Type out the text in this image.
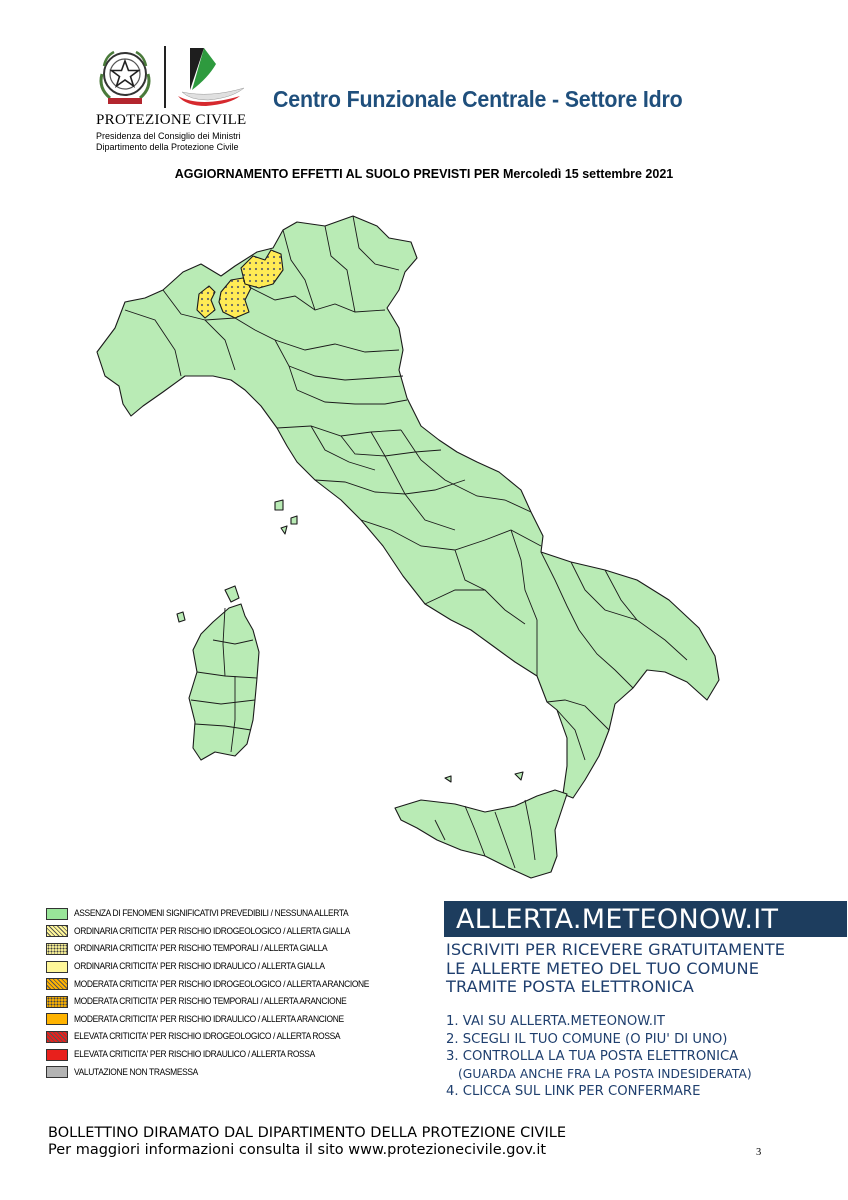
PROTEZIONE CIVILE
Presidenza del Consiglio dei Ministri
Dipartimento della Protezione Civile
Centro Funzionale Centrale - Settore Idro
AGGIORNAMENTO EFFETTI AL SUOLO PREVISTI PER Mercoledì 15 settembre 2021
ASSENZA DI FENOMENI SIGNIFICATIVI PREVEDIBILI / NESSUNA ALLERTA
ORDINARIA CRITICITA' PER RISCHIO IDROGEOLOGICO / ALLERTA GIALLA
ORDINARIA CRITICITA' PER RISCHIO TEMPORALI / ALLERTA GIALLA
ORDINARIA CRITICITA' PER RISCHIO IDRAULICO / ALLERTA GIALLA
MODERATA CRITICITA' PER RISCHIO IDROGEOLOGICO / ALLERTA ARANCIONE
MODERATA CRITICITA' PER RISCHIO TEMPORALI / ALLERTA ARANCIONE
MODERATA CRITICITA' PER RISCHIO IDRAULICO / ALLERTA ARANCIONE
ELEVATA CRITICITA' PER RISCHIO IDROGEOLOGICO / ALLERTA ROSSA
ELEVATA CRITICITA' PER RISCHIO IDRAULICO / ALLERTA ROSSA
VALUTAZIONE NON TRASMESSA
ALLERTA.METEONOW.IT
ISCRIVITI PER RICEVERE GRATUITAMENTE
LE ALLERTE METEO DEL TUO COMUNE
TRAMITE POSTA ELETTRONICA
1. VAI SU ALLERTA.METEONOW.IT
2. SCEGLI IL TUO COMUNE (O PIU' DI UNO)
3. CONTROLLA LA TUA POSTA ELETTRONICA
(GUARDA ANCHE FRA LA POSTA INDESIDERATA)
4. CLICCA SUL LINK PER CONFERMARE
BOLLETTINO DIRAMATO DAL DIPARTIMENTO DELLA PROTEZIONE CIVILE
Per maggiori informazioni consulta il sito www.protezionecivile.gov.it	3
